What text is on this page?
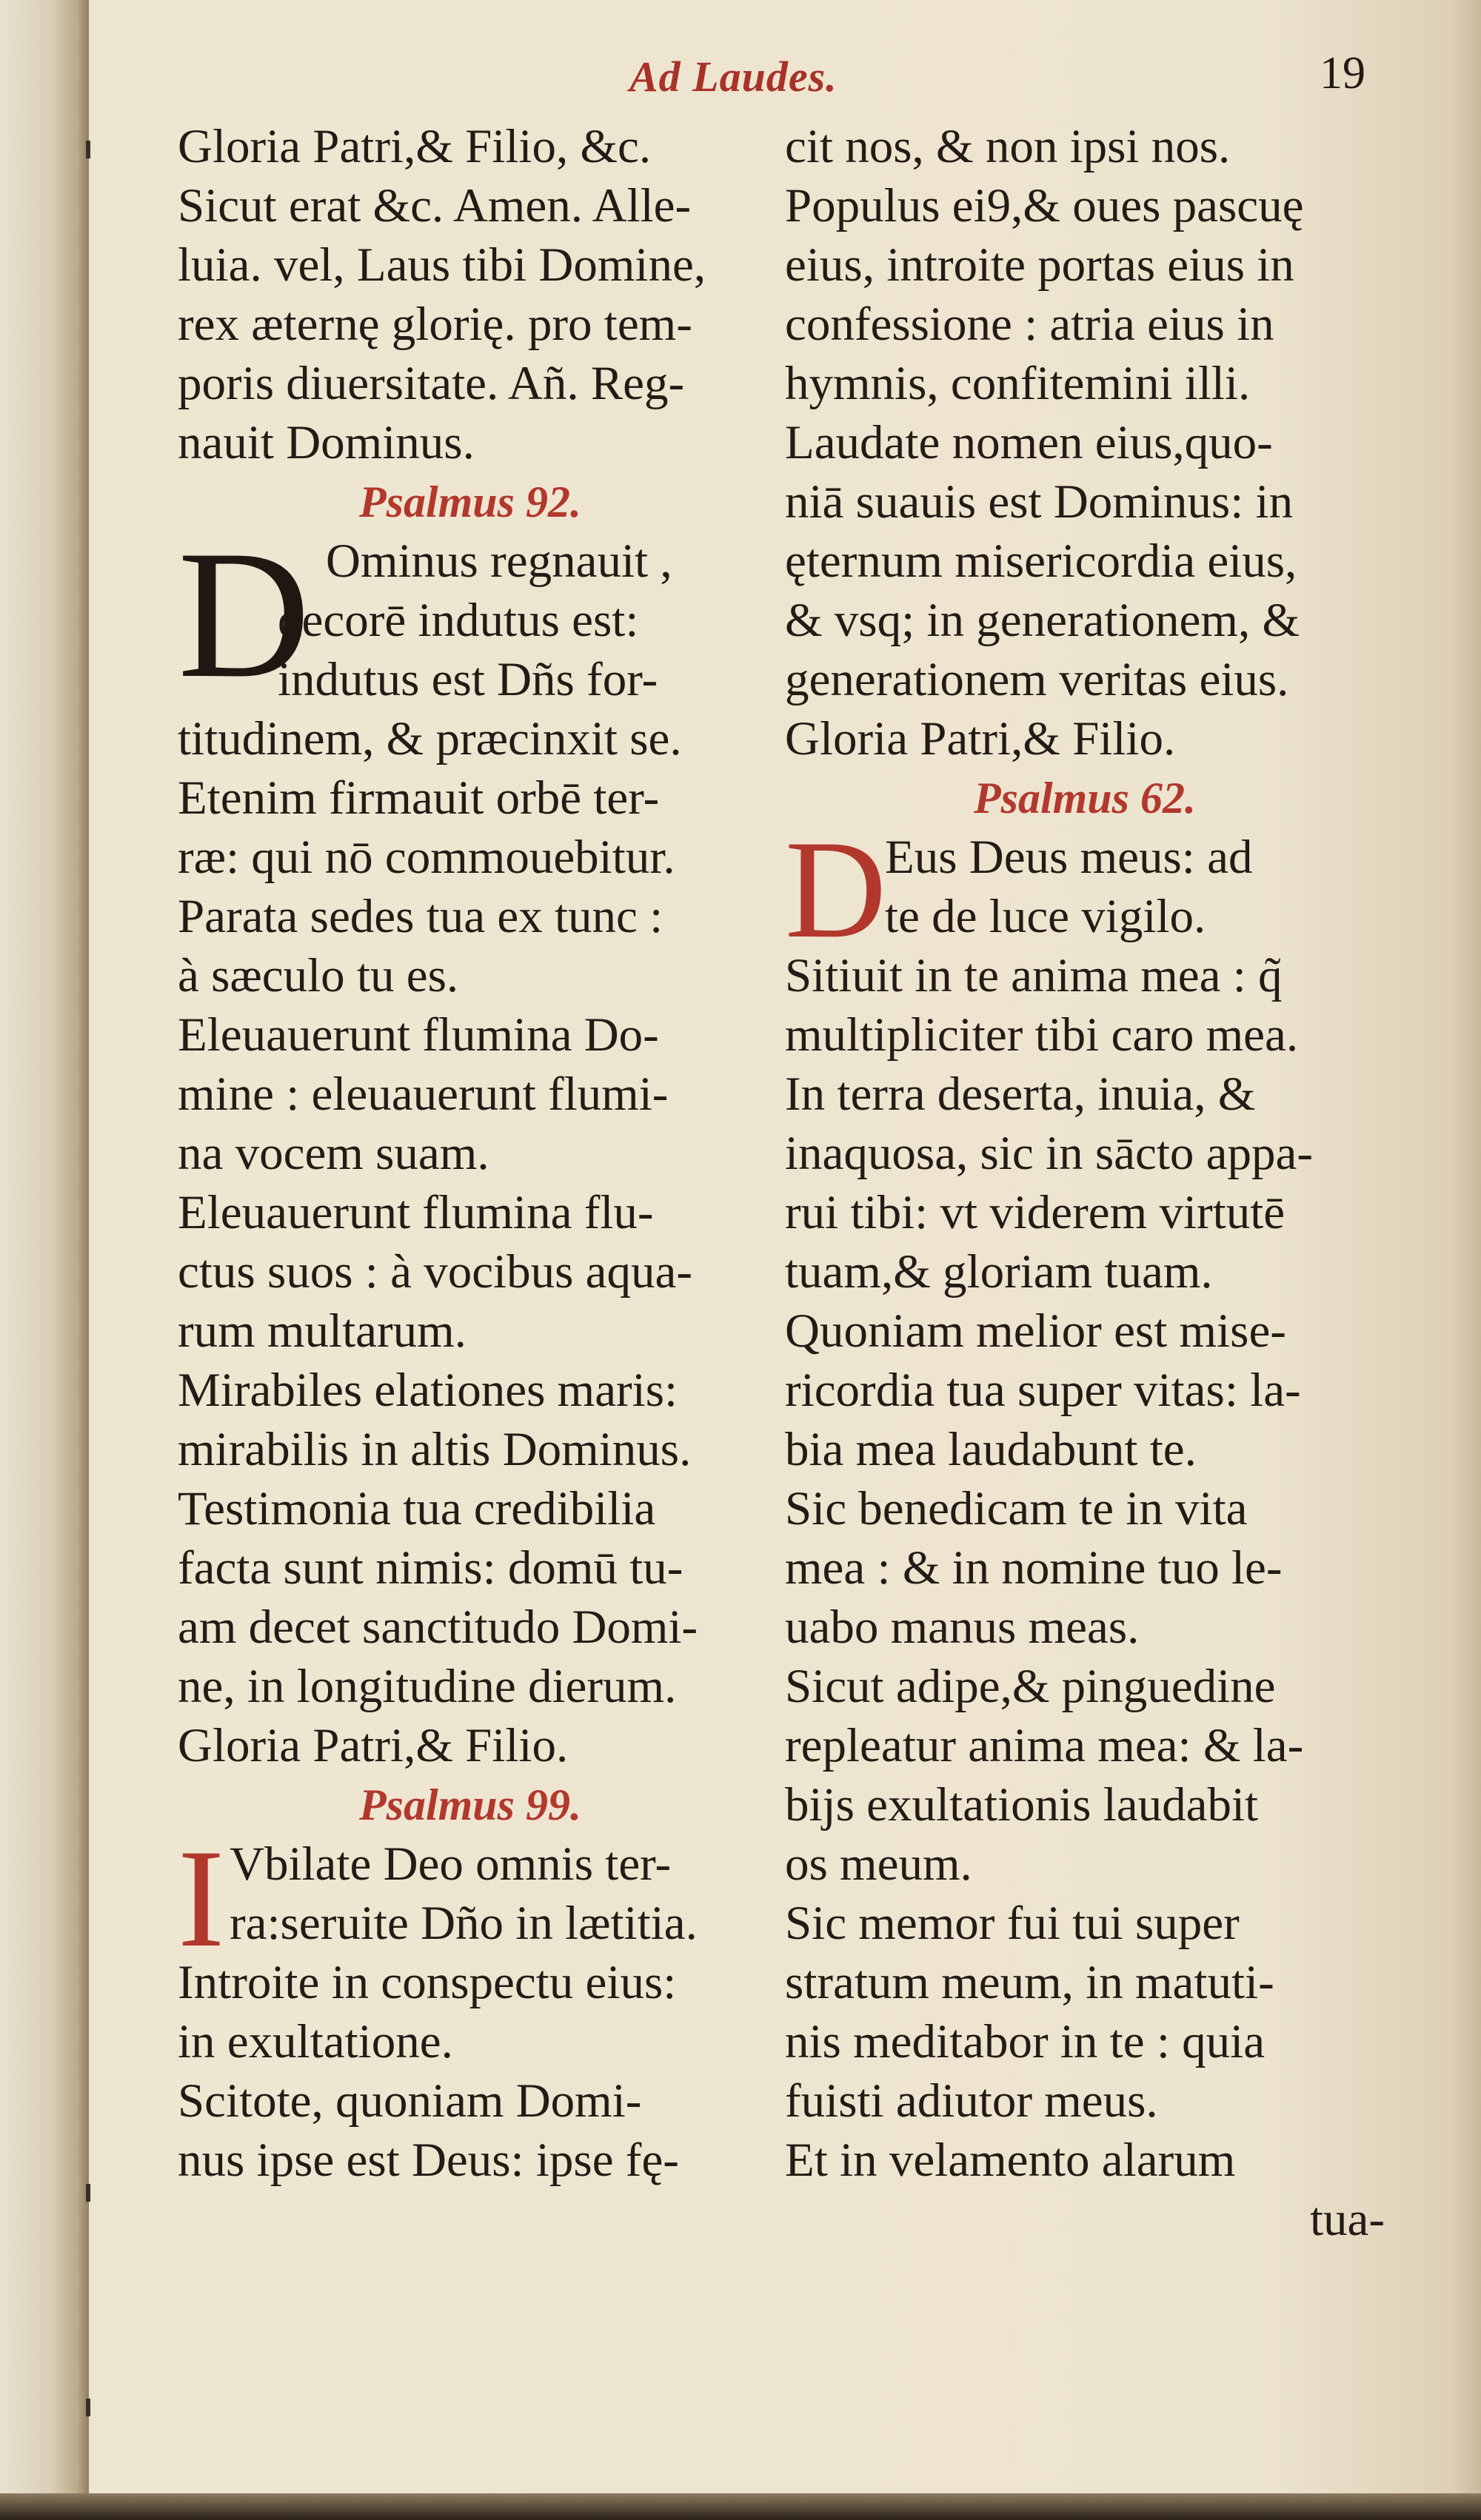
Ad Laudes.	19
Gloria Patri,& Filio, &c.
Sicut erat &c. Amen. Alle-
luia. vel, Laus tibi Domine,
rex æternę glorię. pro tem-
poris diuersitate. Añ. Reg-
nauit Dominus.
Psalmus 92.
D Ominus regnauit ,
decorē indutus est:
indutus est Dñs for-
titudinem, & præcinxit se.
Etenim firmauit orbē ter-
ræ: qui nō commouebitur.
Parata sedes tua ex tunc :
à sæculo tu es.
Eleuauerunt flumina Do-
mine : eleuauerunt flumi-
na vocem suam.
Eleuauerunt flumina flu-
ctus suos : à vocibus aqua-
rum multarum.
Mirabiles elationes maris:
mirabilis in altis Dominus.
Testimonia tua credibilia
facta sunt nimis: domū tu-
am decet sanctitudo Domi-
ne, in longitudine dierum.
Gloria Patri,& Filio.
Psalmus 99.
I Vbilate Deo omnis ter-
ra:seruite Dño in lætitia.
Introite in conspectu eius:
in exultatione.
Scitote, quoniam Domi-
nus ipse est Deus: ipse fę-
cit nos, & non ipsi nos.
Populus ei9,& oues pascuę
eius, introite portas eius in
confessione : atria eius in
hymnis, confitemini illi.
Laudate nomen eius,quo-
niā suauis est Dominus: in
ęternum misericordia eius,
& vsq; in generationem, &
generationem veritas eius.
Gloria Patri,& Filio.
Psalmus 62.
D
Eus Deus meus: ad
te de luce vigilo.
Sitiuit in te anima mea : q̃
multipliciter tibi caro mea.
In terra deserta, inuia, &
inaquosa, sic in sācto appa-
rui tibi: vt viderem virtutē
tuam,& gloriam tuam.
Quoniam melior est mise-
ricordia tua super vitas: la-
bia mea laudabunt te.
Sic benedicam te in vita
mea : & in nomine tuo le-
uabo manus meas.
Sicut adipe,& pinguedine
repleatur anima mea: & la-
bijs exultationis laudabit
os meum.
Sic memor fui tui super
stratum meum, in matuti-
nis meditabor in te : quia
fuisti adiutor meus.
Et in velamento alarum
tua-
